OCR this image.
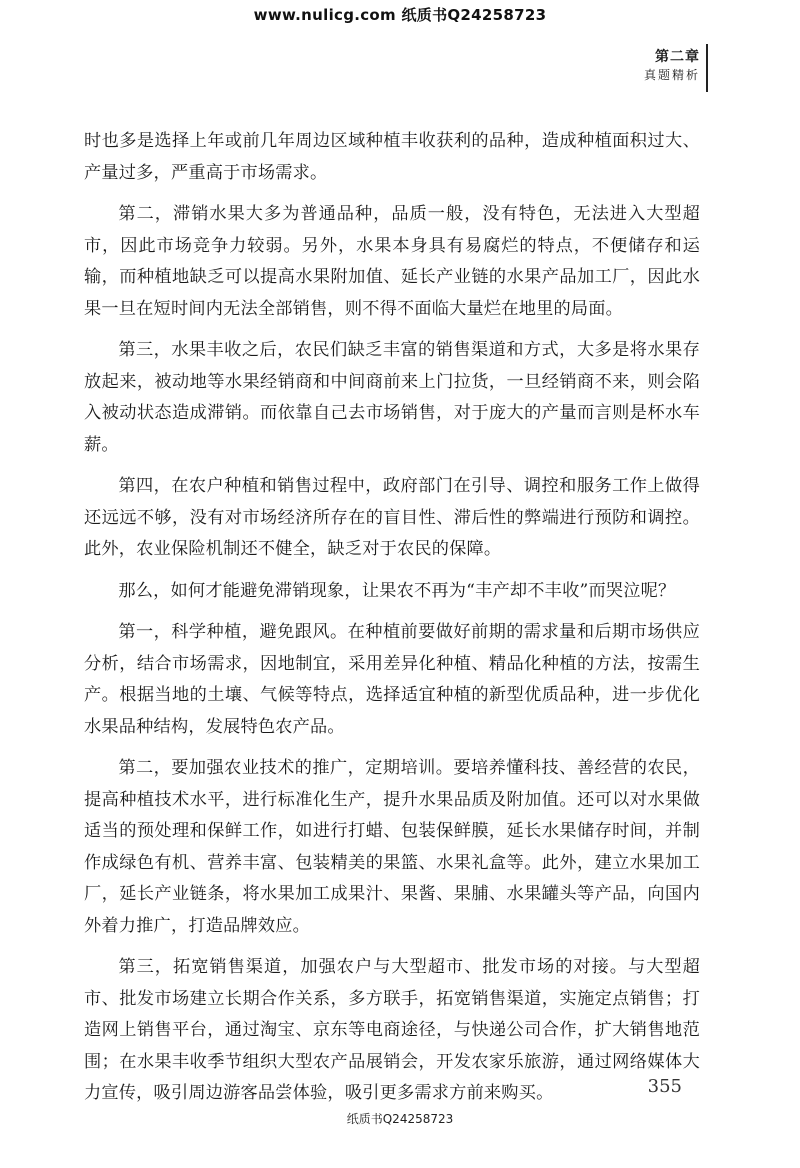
www.nulicg.com 纸质书Q24258723
第二章
真题精析

时也多是选择上年或前几年周边区域种植丰收获利的品种，造成种植面积过大、产量过多，严重高于市场需求。

第二，滞销水果大多为普通品种，品质一般，没有特色，无法进入大型超市，因此市场竞争力较弱。另外，水果本身具有易腐烂的特点，不便储存和运输，而种植地缺乏可以提高水果附加值、延长产业链的水果产品加工厂，因此水果一旦在短时间内无法全部销售，则不得不面临大量烂在地里的局面。

第三，水果丰收之后，农民们缺乏丰富的销售渠道和方式，大多是将水果存放起来，被动地等水果经销商和中间商前来上门拉货，一旦经销商不来，则会陷入被动状态造成滞销。而依靠自己去市场销售，对于庞大的产量而言则是杯水车薪。

第四，在农户种植和销售过程中，政府部门在引导、调控和服务工作上做得还远远不够，没有对市场经济所存在的盲目性、滞后性的弊端进行预防和调控。此外，农业保险机制还不健全，缺乏对于农民的保障。

那么，如何才能避免滞销现象，让果农不再为“丰产却不丰收”而哭泣呢？

第一，科学种植，避免跟风。在种植前要做好前期的需求量和后期市场供应分析，结合市场需求，因地制宜，采用差异化种植、精品化种植的方法，按需生产。根据当地的土壤、气候等特点，选择适宜种植的新型优质品种，进一步优化水果品种结构，发展特色农产品。

第二，要加强农业技术的推广，定期培训。要培养懂科技、善经营的农民，提高种植技术水平，进行标准化生产，提升水果品质及附加值。还可以对水果做适当的预处理和保鲜工作，如进行打蜡、包装保鲜膜，延长水果储存时间，并制作成绿色有机、营养丰富、包装精美的果篮、水果礼盒等。此外，建立水果加工厂，延长产业链条，将水果加工成果汁、果酱、果脯、水果罐头等产品，向国内外着力推广，打造品牌效应。

第三，拓宽销售渠道，加强农户与大型超市、批发市场的对接。与大型超市、批发市场建立长期合作关系，多方联手，拓宽销售渠道，实施定点销售；打造网上销售平台，通过淘宝、京东等电商途径，与快递公司合作，扩大销售地范围；在水果丰收季节组织大型农产品展销会，开发农家乐旅游，通过网络媒体大力宣传，吸引周边游客品尝体验，吸引更多需求方前来购买。	355
纸质书Q24258723
